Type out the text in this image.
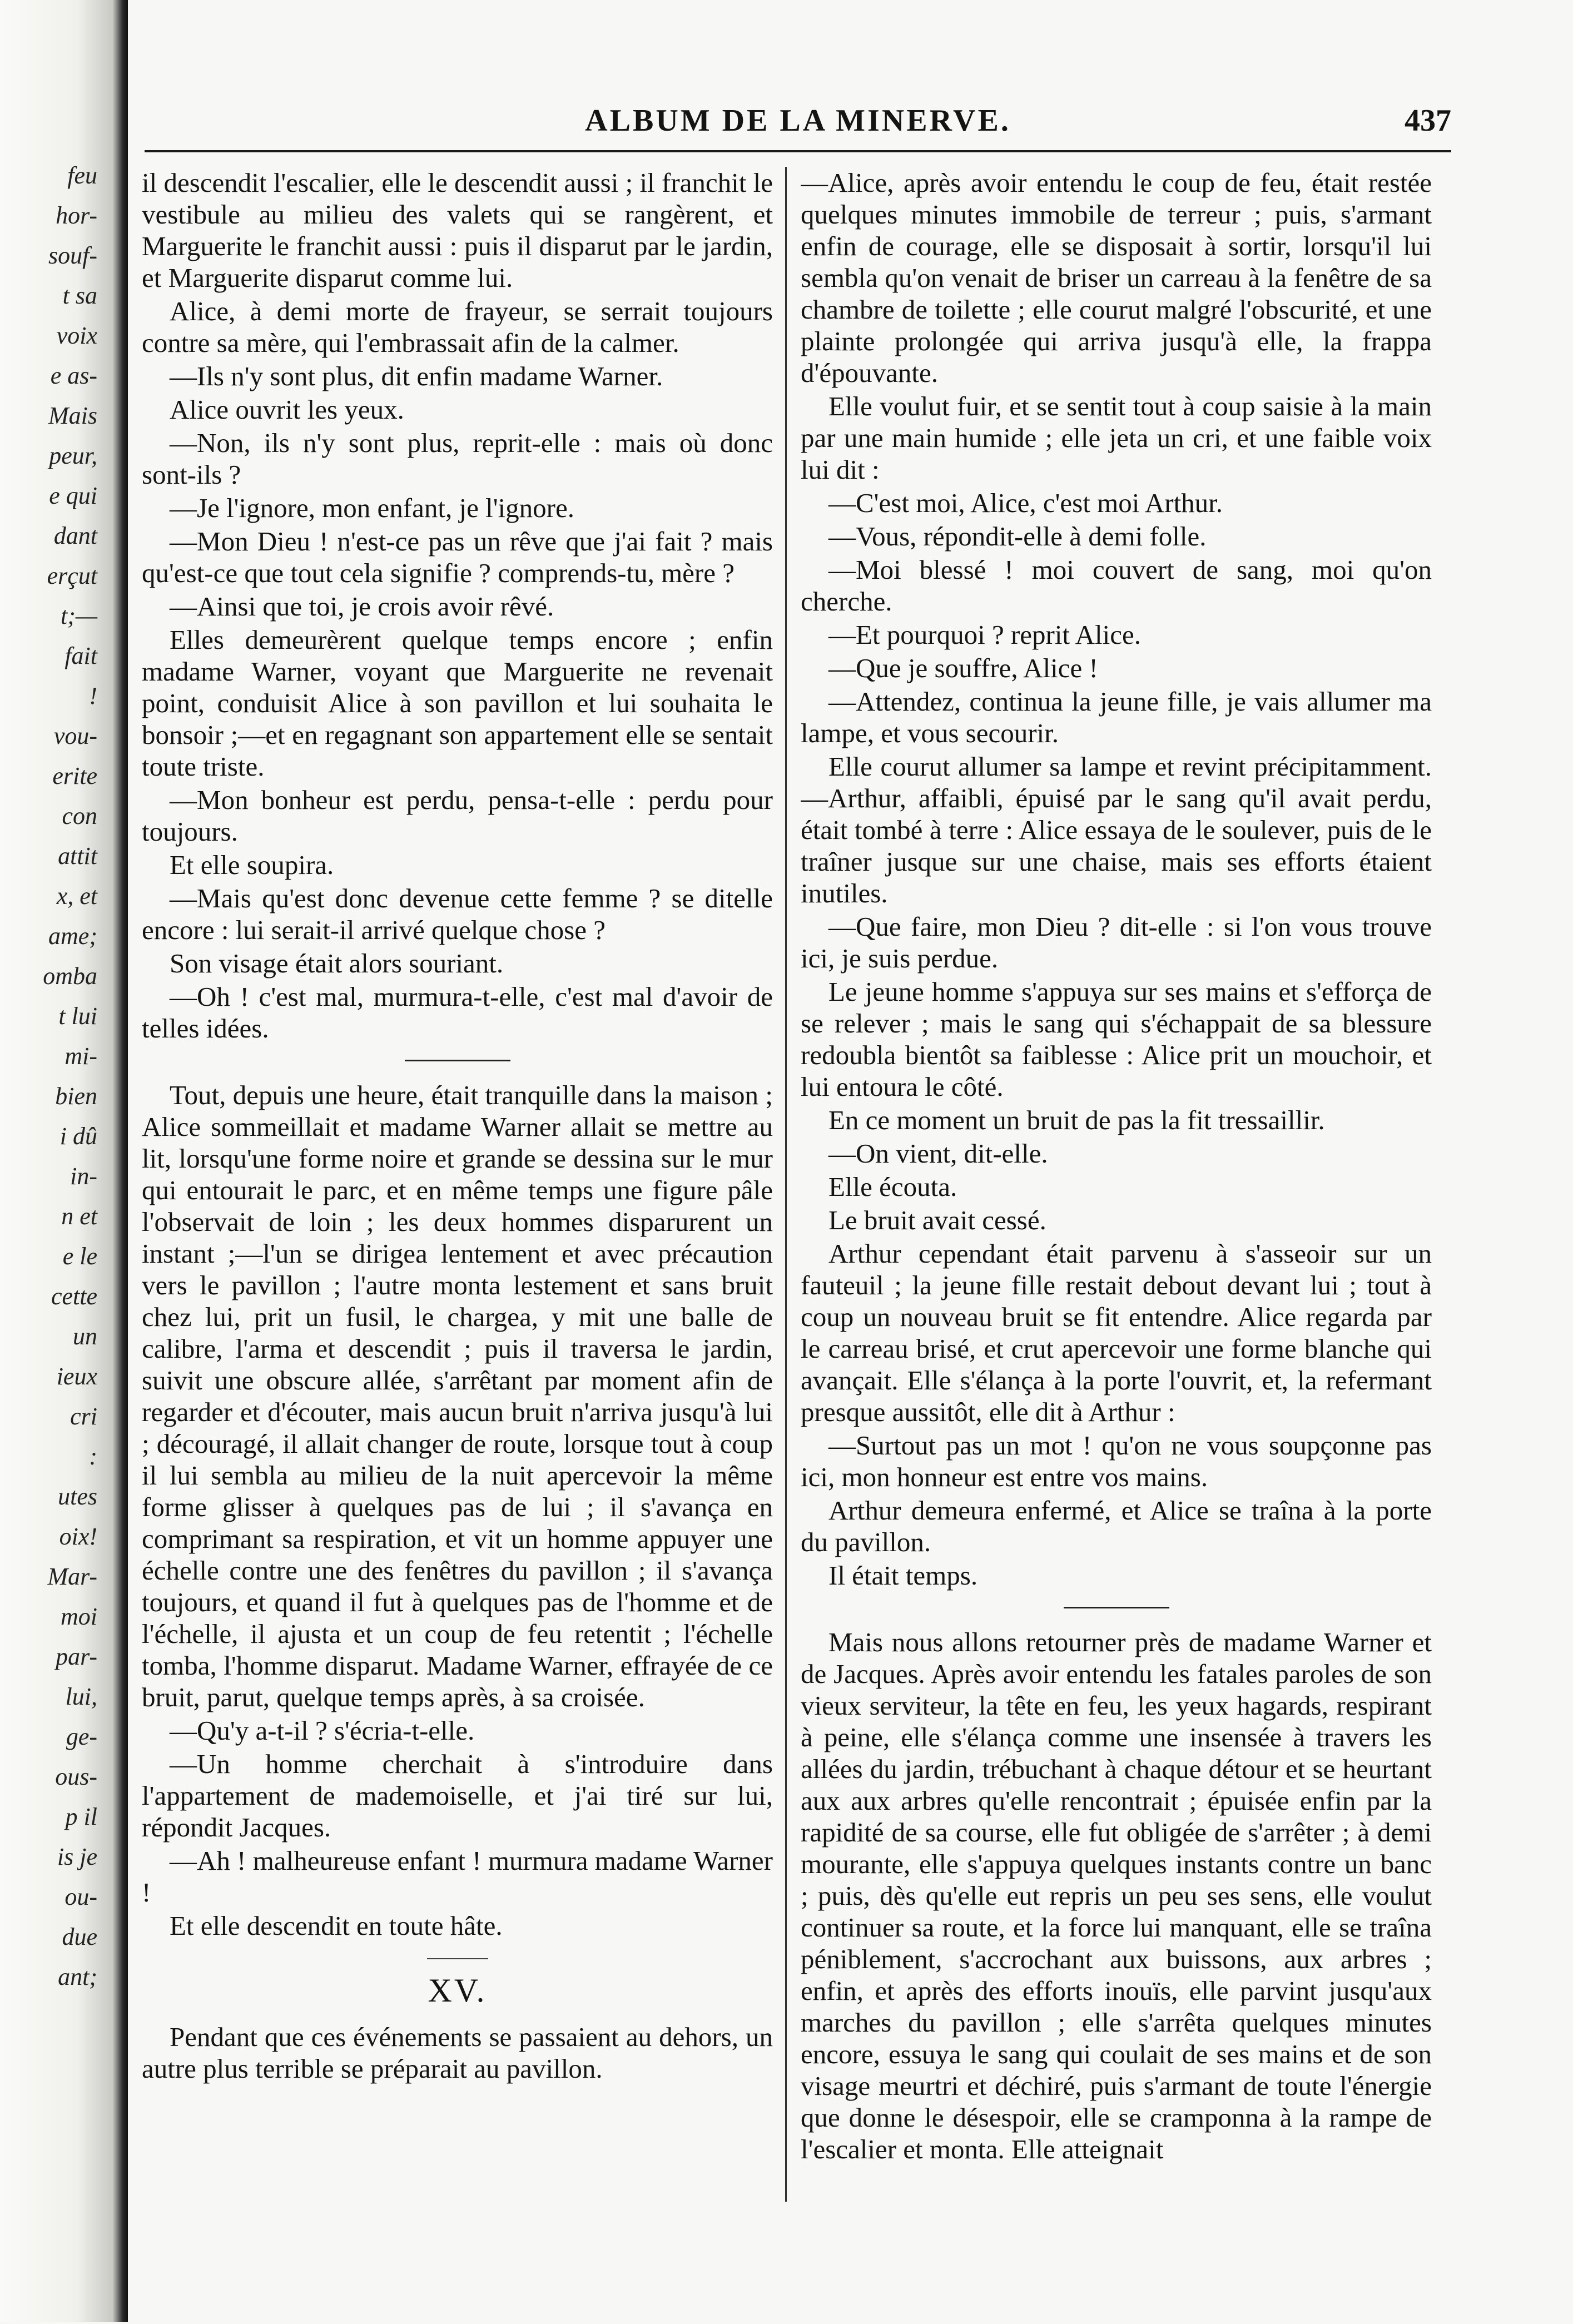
feu
hor-
souf-
t sa
voix
e as-
Mais
peur,
e qui
dant
erçut
t;—
fait
!
vou-
erite
con
attit
x, et
ame;
omba
t lui
mi-
bien
i dû
in-
n et
e le
cette
un
ieux
cri
:
utes
oix!
Mar-
moi
par-
lui,
ge-
ous-
p il
is je
ou-
due
ant;
ALBUM DE LA MINERVE.	437

il descendit l'escalier, elle le descendit aussi ; il franchit le vestibule au milieu des valets qui se rangèrent, et Marguerite le franchit aussi : puis il disparut par le jardin, et Marguerite disparut comme lui.

Alice, à demi morte de frayeur, se serrait toujours contre sa mère, qui l'embrassait afin de la calmer.

—Ils n'y sont plus, dit enfin madame Warner.

Alice ouvrit les yeux.

—Non, ils n'y sont plus, reprit-elle : mais où donc sont-ils ?

—Je l'ignore, mon enfant, je l'ignore.

—Mon Dieu ! n'est-ce pas un rêve que j'ai fait ? mais qu'est-ce que tout cela signifie ? comprends-tu, mère ?

—Ainsi que toi, je crois avoir rêvé.

Elles demeurèrent quelque temps encore ; enfin madame Warner, voyant que Marguerite ne revenait point, conduisit Alice à son pavillon et lui souhaita le bonsoir ;—et en regagnant son appartement elle se sentait toute triste.

—Mon bonheur est perdu, pensa-t-elle : perdu pour toujours.

Et elle soupira.

—Mais qu'est donc devenue cette femme ? se ditelle encore : lui serait-il arrivé quelque chose ?

Son visage était alors souriant.

—Oh ! c'est mal, murmura-t-elle, c'est mal d'avoir de telles idées.

Tout, depuis une heure, était tranquille dans la maison ; Alice sommeillait et madame Warner allait se mettre au lit, lorsqu'une forme noire et grande se dessina sur le mur qui entourait le parc, et en même temps une figure pâle l'observait de loin ; les deux hommes disparurent un instant ;—l'un se dirigea lentement et avec précaution vers le pavillon ; l'autre monta lestement et sans bruit chez lui, prit un fusil, le chargea, y mit une balle de calibre, l'arma et descendit ; puis il traversa le jardin, suivit une obscure allée, s'arrêtant par moment afin de regarder et d'écouter, mais aucun bruit n'arriva jusqu'à lui ; découragé, il allait changer de route, lorsque tout à coup il lui sembla au milieu de la nuit apercevoir la même forme glisser à quelques pas de lui ; il s'avança en comprimant sa respiration, et vit un homme appuyer une échelle contre une des fenêtres du pavillon ; il s'avança toujours, et quand il fut à quelques pas de l'homme et de l'échelle, il ajusta et un coup de feu retentit ; l'échelle tomba, l'homme disparut. Madame Warner, effrayée de ce bruit, parut, quelque temps après, à sa croisée.

—Qu'y a-t-il ? s'écria-t-elle.

—Un homme cherchait à s'introduire dans l'appartement de mademoiselle, et j'ai tiré sur lui, répondit Jacques.

—Ah ! malheureuse enfant ! murmura madame Warner !

Et elle descendit en toute hâte.

XV.

Pendant que ces événements se passaient au dehors, un autre plus terrible se préparait au pavillon.

—Alice, après avoir entendu le coup de feu, était restée quelques minutes immobile de terreur ; puis, s'armant enfin de courage, elle se disposait à sortir, lorsqu'il lui sembla qu'on venait de briser un carreau à la fenêtre de sa chambre de toilette ; elle courut malgré l'obscurité, et une plainte prolongée qui arriva jusqu'à elle, la frappa d'épouvante.

Elle voulut fuir, et se sentit tout à coup saisie à la main par une main humide ; elle jeta un cri, et une faible voix lui dit :

—C'est moi, Alice, c'est moi Arthur.

—Vous, répondit-elle à demi folle.

—Moi blessé ! moi couvert de sang, moi qu'on cherche.

—Et pourquoi ? reprit Alice.

—Que je souffre, Alice !

—Attendez, continua la jeune fille, je vais allumer ma lampe, et vous secourir.

Elle courut allumer sa lampe et revint précipitamment.—Arthur, affaibli, épuisé par le sang qu'il avait perdu, était tombé à terre : Alice essaya de le soulever, puis de le traîner jusque sur une chaise, mais ses efforts étaient inutiles.

—Que faire, mon Dieu ? dit-elle : si l'on vous trouve ici, je suis perdue.

Le jeune homme s'appuya sur ses mains et s'efforça de se relever ; mais le sang qui s'échappait de sa blessure redoubla bientôt sa faiblesse : Alice prit un mouchoir, et lui entoura le côté.

En ce moment un bruit de pas la fit tressaillir.

—On vient, dit-elle.

Elle écouta.

Le bruit avait cessé.

Arthur cependant était parvenu à s'asseoir sur un fauteuil ; la jeune fille restait debout devant lui ; tout à coup un nouveau bruit se fit entendre. Alice regarda par le carreau brisé, et crut apercevoir une forme blanche qui avançait. Elle s'élança à la porte l'ouvrit, et, la refermant presque aussitôt, elle dit à Arthur :

—Surtout pas un mot ! qu'on ne vous soupçonne pas ici, mon honneur est entre vos mains.

Arthur demeura enfermé, et Alice se traîna à la porte du pavillon.

Il était temps.

Mais nous allons retourner près de madame Warner et de Jacques. Après avoir entendu les fatales paroles de son vieux serviteur, la tête en feu, les yeux hagards, respirant à peine, elle s'élança comme une insensée à travers les allées du jardin, trébuchant à chaque détour et se heurtant aux aux arbres qu'elle rencontrait ; épuisée enfin par la rapidité de sa course, elle fut obligée de s'arrêter ; à demi mourante, elle s'appuya quelques instants contre un banc ; puis, dès qu'elle eut repris un peu ses sens, elle voulut continuer sa route, et la force lui manquant, elle se traîna péniblement, s'accrochant aux buissons, aux arbres ; enfin, et après des efforts inouïs, elle parvint jusqu'aux marches du pavillon ; elle s'arrêta quelques minutes encore, essuya le sang qui coulait de ses mains et de son visage meurtri et déchiré, puis s'armant de toute l'énergie que donne le désespoir, elle se cramponna à la rampe de l'escalier et monta. Elle atteignait
